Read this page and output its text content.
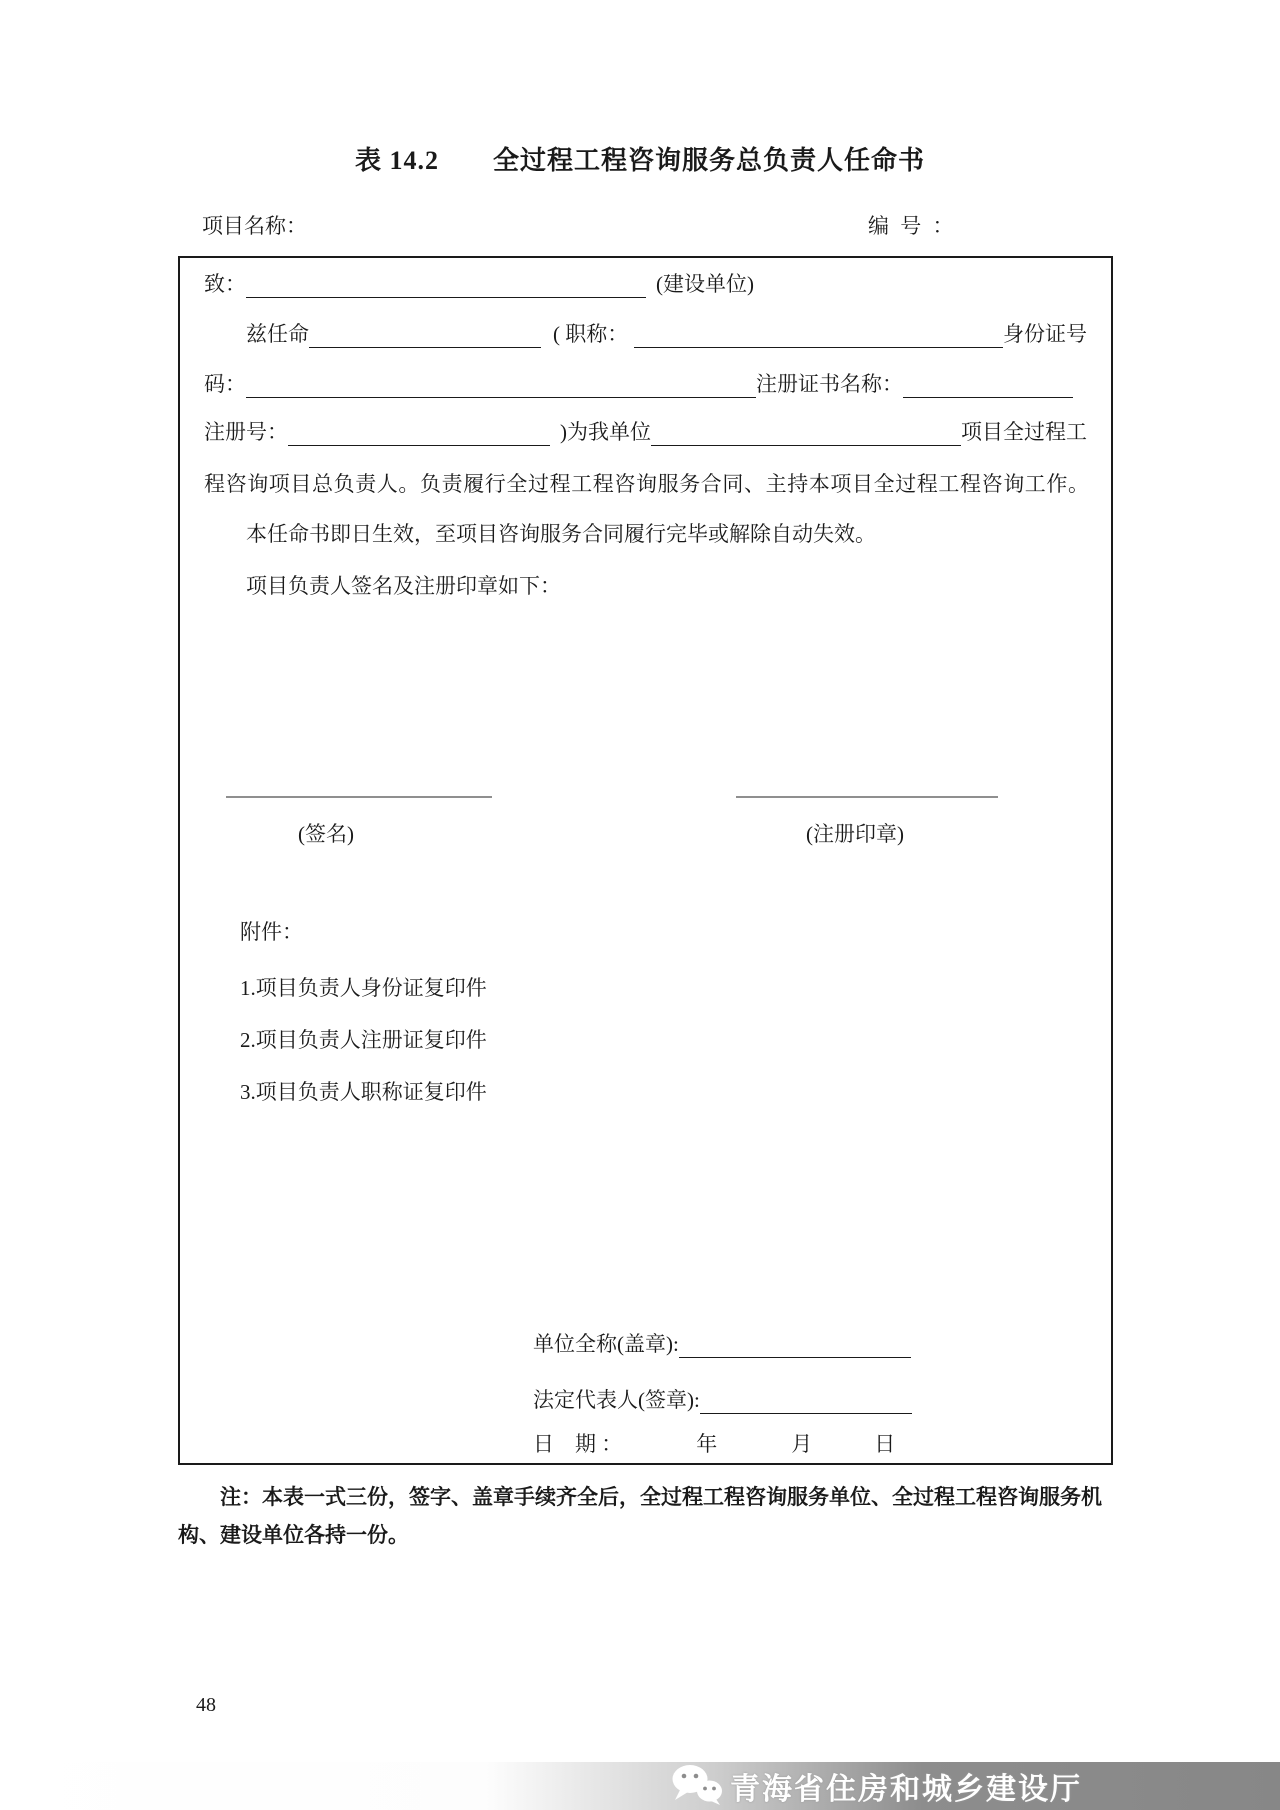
表 14.2　　全过程工程咨询服务总负责人任命书
项目名称：	编 号 ：
致：	(建设单位)
兹任命	( 职称：	身份证号
码：	注册证书名称：
注册号：	)为我单位	项目全过程工
程咨询项目总负责人。负责履行全过程工程咨询服务合同、主持本项目全过程工程咨询工作。
本任命书即日生效，至项目咨询服务合同履行完毕或解除自动失效。
项目负责人签名及注册印章如下：
(签名)	(注册印章)
附件：
1.项目负责人身份证复印件
2.项目负责人注册证复印件
3.项目负责人职称证复印件
单位全称(盖章):
法定代表人(签章):
日　期 ：	年	月	日

注：本表一式三份，签字、盖章手续齐全后，全过程工程咨询服务单位、全过程工程咨询服务机构、建设单位各持一份。

48
青海省住房和城乡建设厅
